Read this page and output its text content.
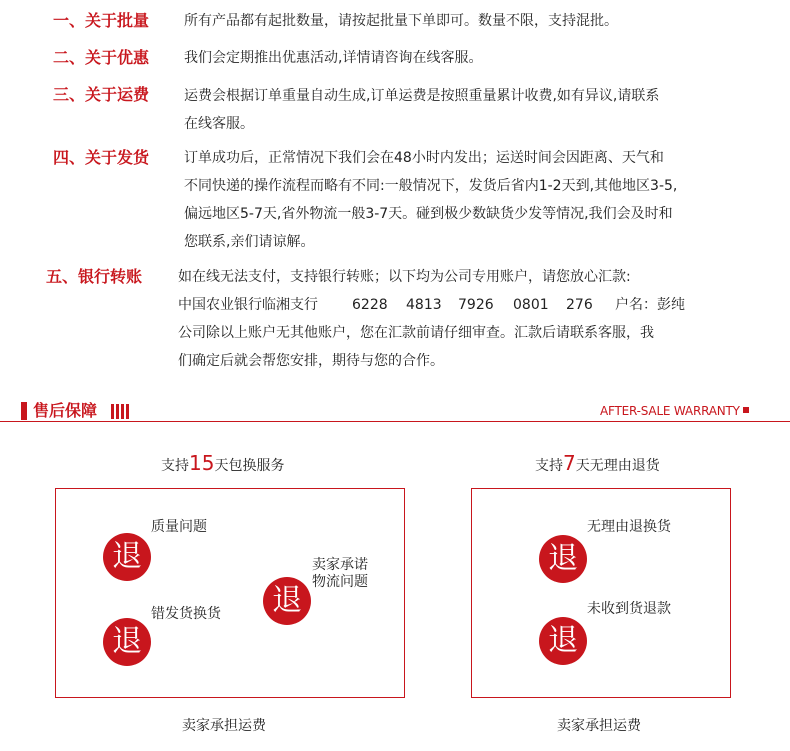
一、关于批量 所有产品都有起批数量，请按起批量下单即可。数量不限，支持混批。
二、关于优惠 我们会定期推出优惠活动,详情请咨询在线客服。
三、关于运费 运费会根据订单重量自动生成,订单运费是按照重量累计收费,如有异议,请联系
在线客服。
四、关于发货 订单成功后，正常情况下我们会在48小时内发出；运送时间会因距离、天气和
不同快递的操作流程而略有不同:一般情况下，发货后省内1-2天到,其他地区3-5,
偏远地区5-7天,省外物流一般3-7天。碰到极少数缺货少发等情况,我们会及时和
您联系,亲们请谅解。
五、银行转账	如在线无法支付，支持银行转账；以下均为公司专用账户，请您放心汇款:
中国农业银行临湘支行 6228 4813 7926 0801 276 户名：彭纯
公司除以上账户无其他账户，您在汇款前请仔细审查。汇款后请联系客服，我
们确定后就会帮您安排，期待与您的合作。
售后保障	AFTER-SALE WARRANTY
支持15天包换服务
退
质量问题
退
错发货换货	退
卖家承诺
物流问题
卖家承担运费
支持7天无理由退货
退
无理由退换货
退
未收到货退款
卖家承担运费
